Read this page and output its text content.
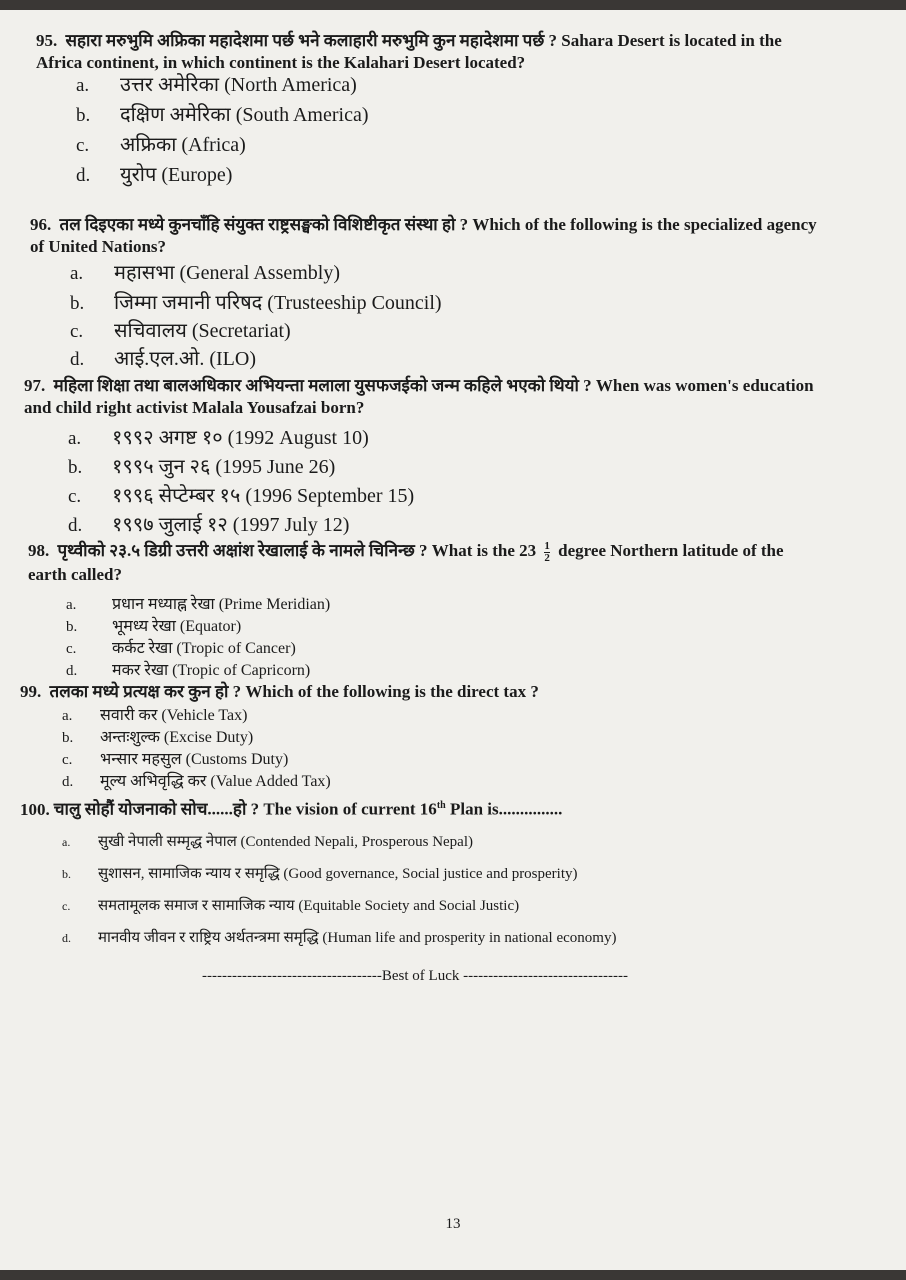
95. सहारा मरुभुमि अफ्रिका महादेशमा पर्छ भने कलाहारी मरुभुमि कुन महादेशमा पर्छ ? Sahara Desert is located in the Africa continent, in which continent is the Kalahari Desert located?
a.	उत्तर अमेरिका (North America)
b.	दक्षिण अमेरिका (South America)
c.	अफ्रिका (Africa)
d.	युरोप (Europe)
96. तल दिइएका मध्ये कुनचाँहि संयुक्त राष्ट्रसङ्घको विशिष्टीकृत संस्था हो ? Which of the following is the specialized agency of United Nations?
a.	महासभा (General Assembly)
b.	जिम्मा जमानी परिषद (Trusteeship Council)
c.	सचिवालय (Secretariat)
d.	आई.एल.ओ. (ILO)
97. महिला शिक्षा तथा बालअधिकार अभियन्ता मलाला युसफजईको जन्म कहिले भएको थियो ? When was women's education and child right activist Malala Yousafzai born?
a.	१९९२ अगष्ट १० (1992 August 10)
b.	१९९५ जुन २६ (1995 June 26)
c.	१९९६ सेप्टेम्बर १५ (1996 September 15)
d.	१९९७ जुलाई १२ (1997 July 12)
98. पृथ्वीको २३.५ डिग्री उत्तरी अक्षांश रेखालाई के नामले चिनिन्छ ? What is the $23 \frac{1}{2}$ degree Northern latitude of the earth called?
a.	प्रधान मध्याह्न रेखा (Prime Meridian)
b.	भूमध्य रेखा (Equator)
c.	कर्कट रेखा (Tropic of Cancer)
d.	मकर रेखा (Tropic of Capricorn)
99. तलका मध्ये प्रत्यक्ष कर कुन हो ? Which of the following is the direct tax ?
a.	सवारी कर (Vehicle Tax)
b.	अन्तःशुल्क (Excise Duty)
c.	भन्सार महसुल (Customs Duty)
d.	मूल्य अभिवृद्धि कर (Value Added Tax)
100. चालु सोहौं योजनाको सोच......हो ? The vision of current 16th Plan is...............
a.	सुखी नेपाली सम्मृद्ध नेपाल (Contended Nepali, Prosperous Nepal)
b.	सुशासन, सामाजिक न्याय र समृद्धि (Good governance, Social justice and prosperity)
c.	समतामूलक समाज र सामाजिक न्याय (Equitable Society and Social Justic)
d.	मानवीय जीवन र राष्ट्रिय अर्थतन्त्रमा समृद्धि (Human life and prosperity in national economy)
------------------------------------Best of Luck ---------------------------------
13
